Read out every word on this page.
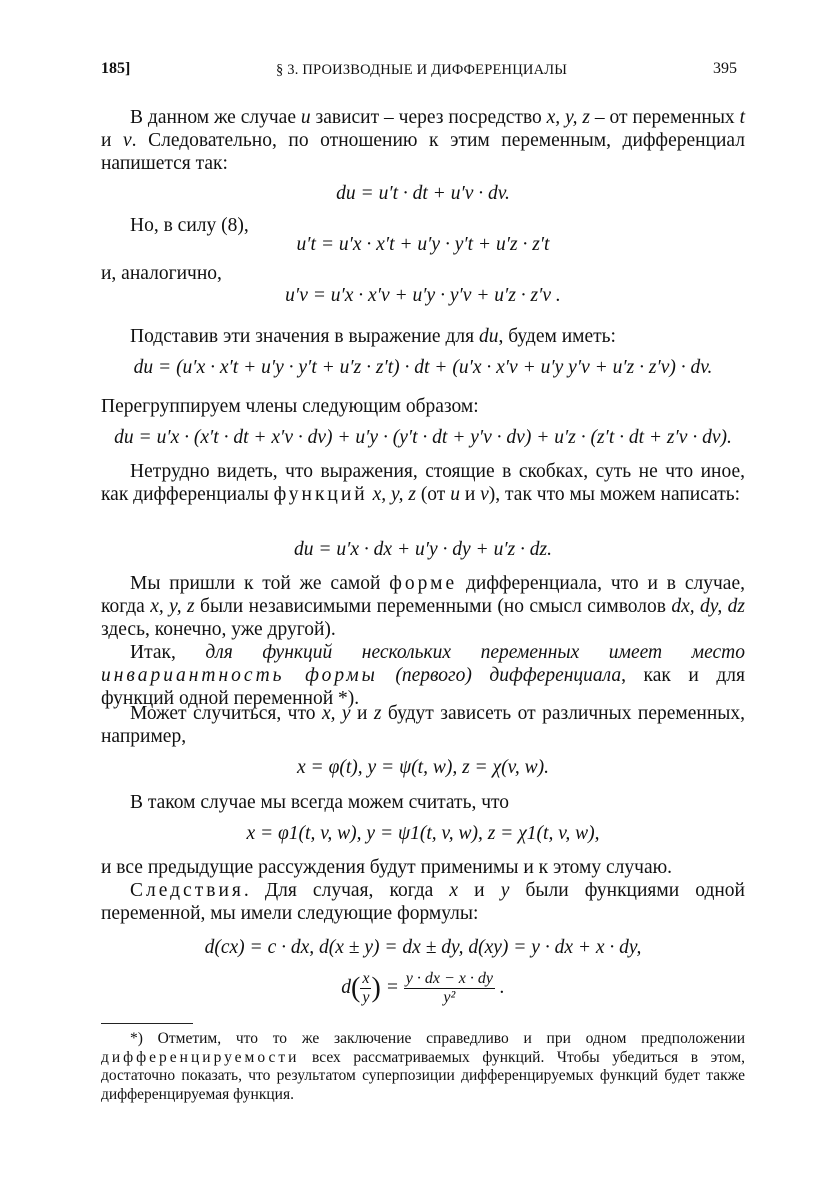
185]	§ 3. ПРОИЗВОДНЫЕ И ДИФФЕРЕНЦИАЛЫ	395
В данном же случае u зависит – через посредство x, y, z – от переменных t и v. Следовательно, по отношению к этим переменным, дифференциал напишется так:
du = u′t · dt + u′v · dv.
Но, в силу (8),
u′t = u′x · x′t + u′y · y′t + u′z · z′t
и, аналогично,
u′v = u′x · x′v + u′y · y′v + u′z · z′v .
Подставив эти значения в выражение для du, будем иметь:
du = (u′x · x′t + u′y · y′t + u′z · z′t) · dt + (u′x · x′v + u′y y′v + u′z · z′v) · dv.
Перегруппируем члены следующим образом:
du = u′x · (x′t · dt + x′v · dv) + u′y · (y′t · dt + y′v · dv) + u′z · (z′t · dt + z′v · dv).
Нетрудно видеть, что выражения, стоящие в скобках, суть не что иное, как дифференциалы функций x, y, z (от u и v), так что мы можем написать:
du = u′x · dx + u′y · dy + u′z · dz.
Мы пришли к той же самой форме дифференциала, что и в случае, когда x, y, z были независимыми переменными (но смысл символов dx, dy, dz здесь, конечно, уже другой).
Итак, для функций нескольких переменных имеет место инвариантность формы (первого) дифференциала, как и для функций одной переменной *).
Может случиться, что x, y и z будут зависеть от различных переменных, например,
x = φ(t), y = ψ(t, w), z = χ(v, w).
В таком случае мы всегда можем считать, что
x = φ1(t, v, w), y = ψ1(t, v, w), z = χ1(t, v, w),
и все предыдущие рассуждения будут применимы и к этому случаю.
Следствия. Для случая, когда x и y были функциями одной переменной, мы имели следующие формулы:
d(cx) = c · dx, d(x ± y) = dx ± dy, d(xy) = y · dx + x · dy,
$d( \frac{x}{y}$ ) = $\frac{y \cdot dx - x \cdot dy}{\text{y²}}$ .
*) Отметим, что то же заключение справедливо и при одном предположении дифференцируемости всех рассматриваемых функций. Чтобы убедиться в этом, достаточно показать, что результатом суперпозиции дифференцируемых функций будет также дифференцируемая функция.
